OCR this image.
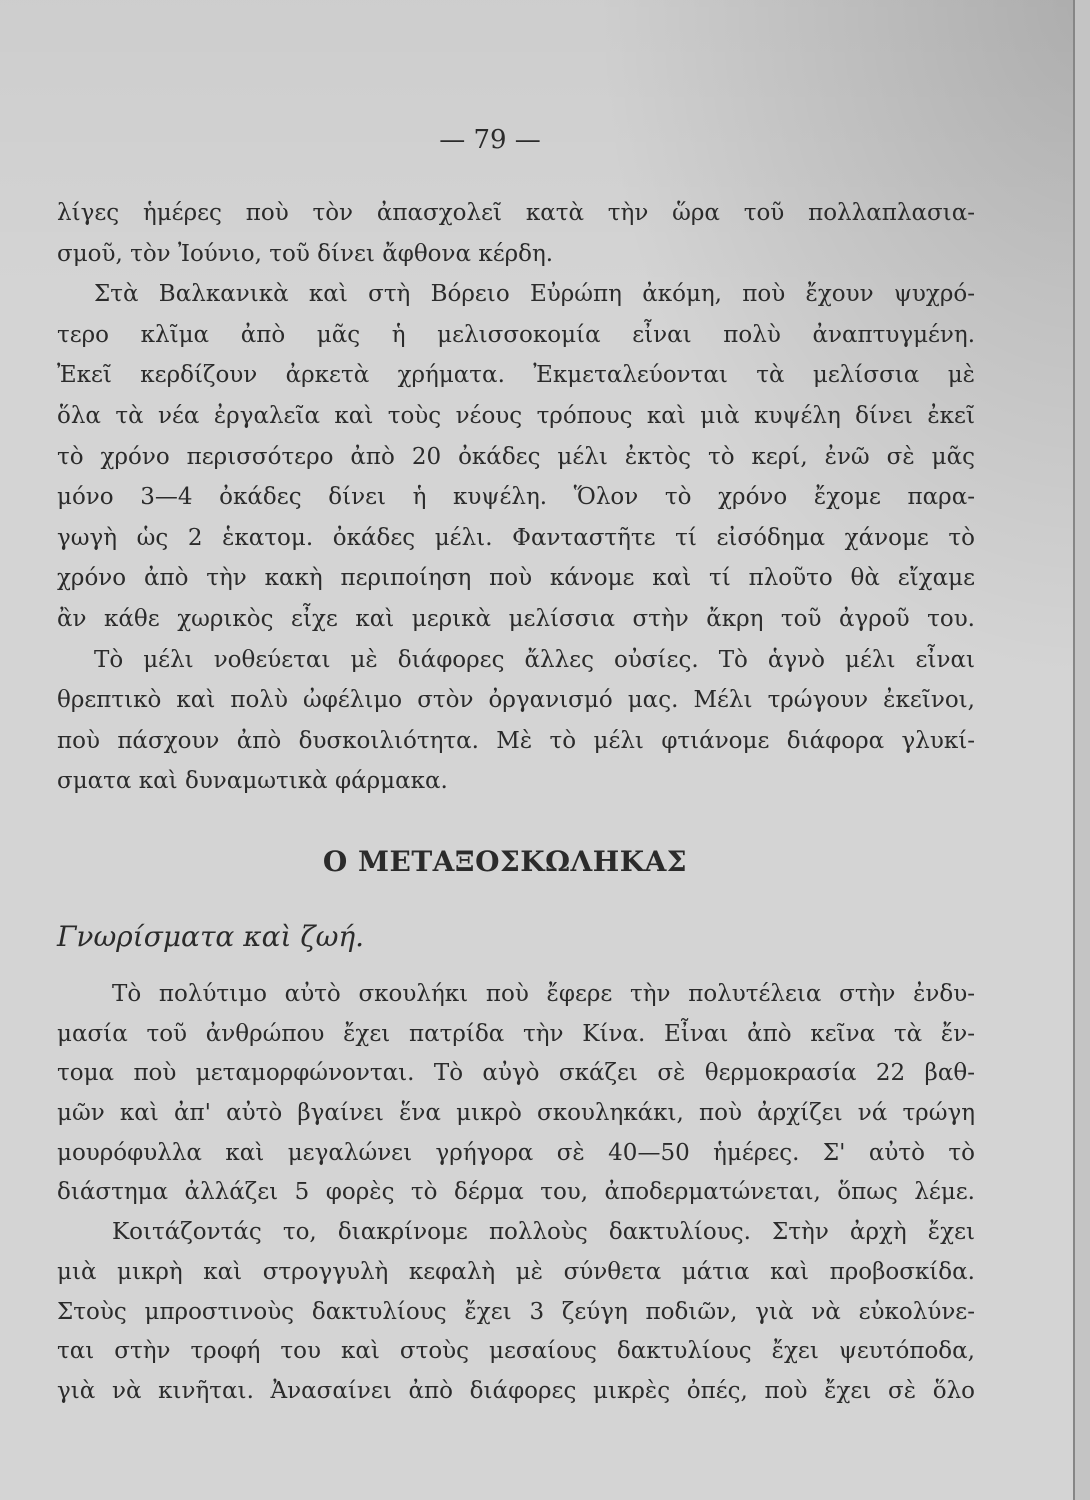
— 79 —
λίγες ἡμέρες ποὺ τὸν ἀπασχολεῖ κατὰ τὴν ὥρα τοῦ πολλαπλασια-
σμοῦ, τὸν Ἰούνιο, τοῦ δίνει ἄφθονα κέρδη.
Στὰ Βαλκανικὰ καὶ στὴ Βόρειο Εὐρώπη ἀκόμη, ποὺ ἔχουν ψυχρό-
τερο κλῖμα ἀπὸ μᾶς ἡ μελισσοκομία εἶναι πολὺ ἀναπτυγμένη.
Ἐκεῖ κερδίζουν ἀρκετὰ χρήματα. Ἐκμεταλεύονται τὰ μελίσσια μὲ
ὅλα τὰ νέα ἐργαλεῖα καὶ τοὺς νέους τρόπους καὶ μιὰ κυψέλη δίνει ἐκεῖ
τὸ χρόνο περισσότερο ἀπὸ 20 ὀκάδες μέλι ἐκτὸς τὸ κερί, ἐνῶ σὲ μᾶς
μόνο 3—4 ὀκάδες δίνει ἡ κυψέλη. Ὅλον τὸ χρόνο ἔχομε παρα-
γωγὴ ὡς 2 ἑκατομ. ὀκάδες μέλι. Φανταστῆτε τί εἰσόδημα χάνομε τὸ
χρόνο ἀπὸ τὴν κακὴ περιποίηση ποὺ κάνομε καὶ τί πλοῦτο θὰ εἴχαμε
ἂν κάθε χωρικὸς εἶχε καὶ μερικὰ μελίσσια στὴν ἄκρη τοῦ ἀγροῦ του.
Τὸ μέλι νοθεύεται μὲ διάφορες ἄλλες οὐσίες. Τὸ ἁγνὸ μέλι εἶναι
θρεπτικὸ καὶ πολὺ ὠφέλιμο στὸν ὀργανισμό μας. Μέλι τρώγουν ἐκεῖνοι,
ποὺ πάσχουν ἀπὸ δυσκοιλιότητα. Μὲ τὸ μέλι φτιάνομε διάφορα γλυκί-
σματα καὶ δυναμωτικὰ φάρμακα.
Ο ΜΕΤΑΞΟΣΚΩΛΗΚΑΣ
Γνωρίσματα καὶ ζωή.
Τὸ πολύτιμο αὐτὸ σκουλήκι ποὺ ἔφερε τὴν πολυτέλεια στὴν ἐνδυ-
μασία τοῦ ἀνθρώπου ἔχει πατρίδα τὴν Κίνα. Εἶναι ἀπὸ κεῖνα τὰ ἔν-
τομα ποὺ μεταμορφώνονται. Τὸ αὐγὸ σκάζει σὲ θερμοκρασία 22 βαθ-
μῶν καὶ ἀπ' αὐτὸ βγαίνει ἕνα μικρὸ σκουληκάκι, ποὺ ἀρχίζει νά τρώγη
μουρόφυλλα καὶ μεγαλώνει γρήγορα σὲ 40—50 ἡμέρες. Σ' αὐτὸ τὸ
διάστημα ἀλλάζει 5 φορὲς τὸ δέρμα του, ἀποδερματώνεται, ὅπως λέμε.
Κοιτάζοντάς το, διακρίνομε πολλοὺς δακτυλίους. Στὴν ἀρχὴ ἔχει
μιὰ μικρὴ καὶ στρογγυλὴ κεφαλὴ μὲ σύνθετα μάτια καὶ προβοσκίδα.
Στοὺς μπροστινοὺς δακτυλίους ἔχει 3 ζεύγη ποδιῶν, γιὰ νὰ εὐκολύνε-
ται στὴν τροφή του καὶ στοὺς μεσαίους δακτυλίους ἔχει ψευτόποδα,
γιὰ νὰ κινῆται. Ἀνασαίνει ἀπὸ διάφορες μικρὲς ὀπές, ποὺ ἔχει σὲ ὅλο
